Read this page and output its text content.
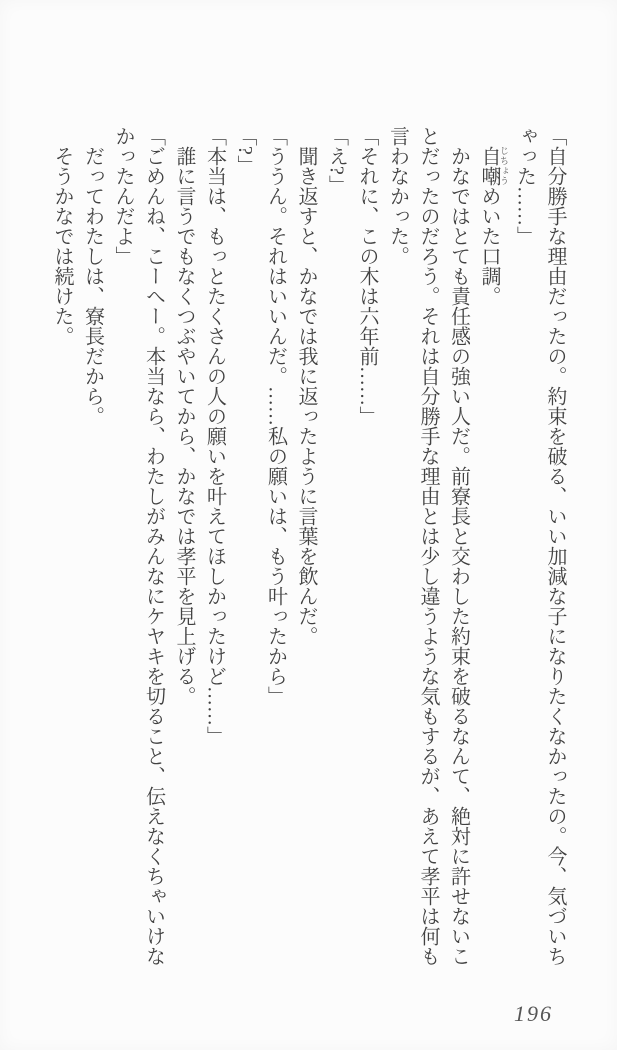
「自分勝手な理由だったの。約束を破る、いい加減な子になりたくなかったの。今、気づいちゃった……」

自嘲 じちょうめいた口調。

かなではとても責任感の強い人だ。前寮長と交わした約束を破るなんて、絶対に許せないことだったのだろう。それは自分勝手な理由とは少し違うような気もするが、あえて孝平は何も言わなかった。

「それに、この木は六年前……」

「え?」

聞き返すと、かなでは我に返ったように言葉を飲んだ。

「ううん。それはいいんだ。……私の願いは、もう叶ったから」

「?」

「本当は、もっとたくさんの人の願いを叶えてほしかったけど……」

誰に言うでもなくつぶやいてから、かなでは孝平を見上げる。

「ごめんね、こーへー。本当なら、わたしがみんなにケヤキを切ること、伝えなくちゃいけなかったんだよ」

だってわたしは、寮長だから。

そうかなでは続けた。

196
